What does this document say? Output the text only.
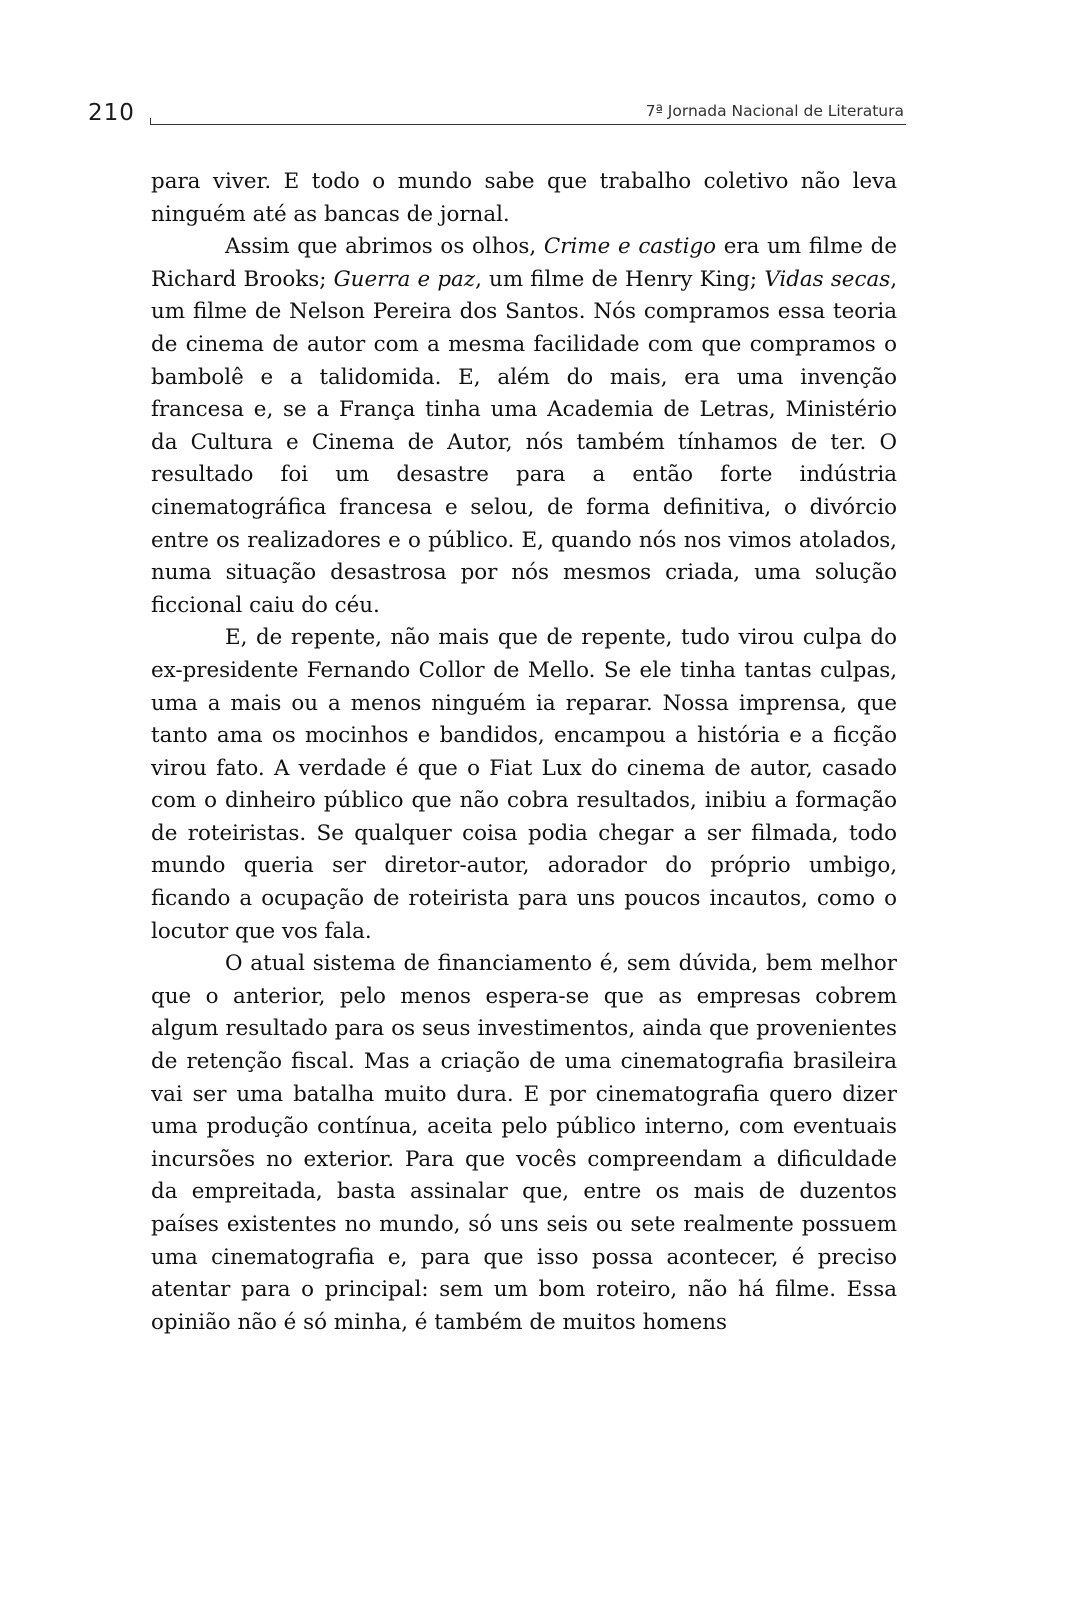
210	7ª Jornada Nacional de Literatura

para viver. E todo o mundo sabe que trabalho coletivo não leva ninguém até as bancas de jornal.

Assim que abrimos os olhos, Crime e castigo era um filme de Richard Brooks; Guerra e paz, um filme de Henry King; Vidas secas, um filme de Nelson Pereira dos Santos. Nós compramos essa teoria de cinema de autor com a mesma facilidade com que compramos o bambolê e a talidomida. E, além do mais, era uma invenção francesa e, se a França tinha uma Academia de Letras, Ministério da Cultura e Cinema de Autor, nós também tínhamos de ter. O resultado foi um desastre para a então forte indústria cinematográfica francesa e selou, de forma definitiva, o divórcio entre os realizadores e o público. E, quando nós nos vimos atolados, numa situação desastrosa por nós mesmos criada, uma solução ficcional caiu do céu.

E, de repente, não mais que de repente, tudo virou culpa do ex-presidente Fernando Collor de Mello. Se ele tinha tantas culpas, uma a mais ou a menos ninguém ia reparar. Nossa imprensa, que tanto ama os mocinhos e bandidos, encampou a história e a ficção virou fato. A verdade é que o Fiat Lux do cinema de autor, casado com o dinheiro público que não cobra resultados, inibiu a formação de roteiristas. Se qualquer coisa podia chegar a ser filmada, todo mundo queria ser diretor-autor, adorador do próprio umbigo, ficando a ocupação de roteirista para uns poucos incautos, como o locutor que vos fala.

O atual sistema de financiamento é, sem dúvida, bem melhor que o anterior, pelo menos espera-se que as empresas cobrem algum resultado para os seus investimentos, ainda que provenientes de retenção fiscal. Mas a criação de uma cinematografia brasileira vai ser uma batalha muito dura. E por cinematografia quero dizer uma produção contínua, aceita pelo público interno, com eventuais incursões no exterior. Para que vocês compreendam a dificuldade da empreitada, basta assinalar que, entre os mais de duzentos países existentes no mundo, só uns seis ou sete realmente possuem uma cinematografia e, para que isso possa acontecer, é preciso atentar para o principal: sem um bom roteiro, não há filme. Essa opinião não é só minha, é também de muitos homens
